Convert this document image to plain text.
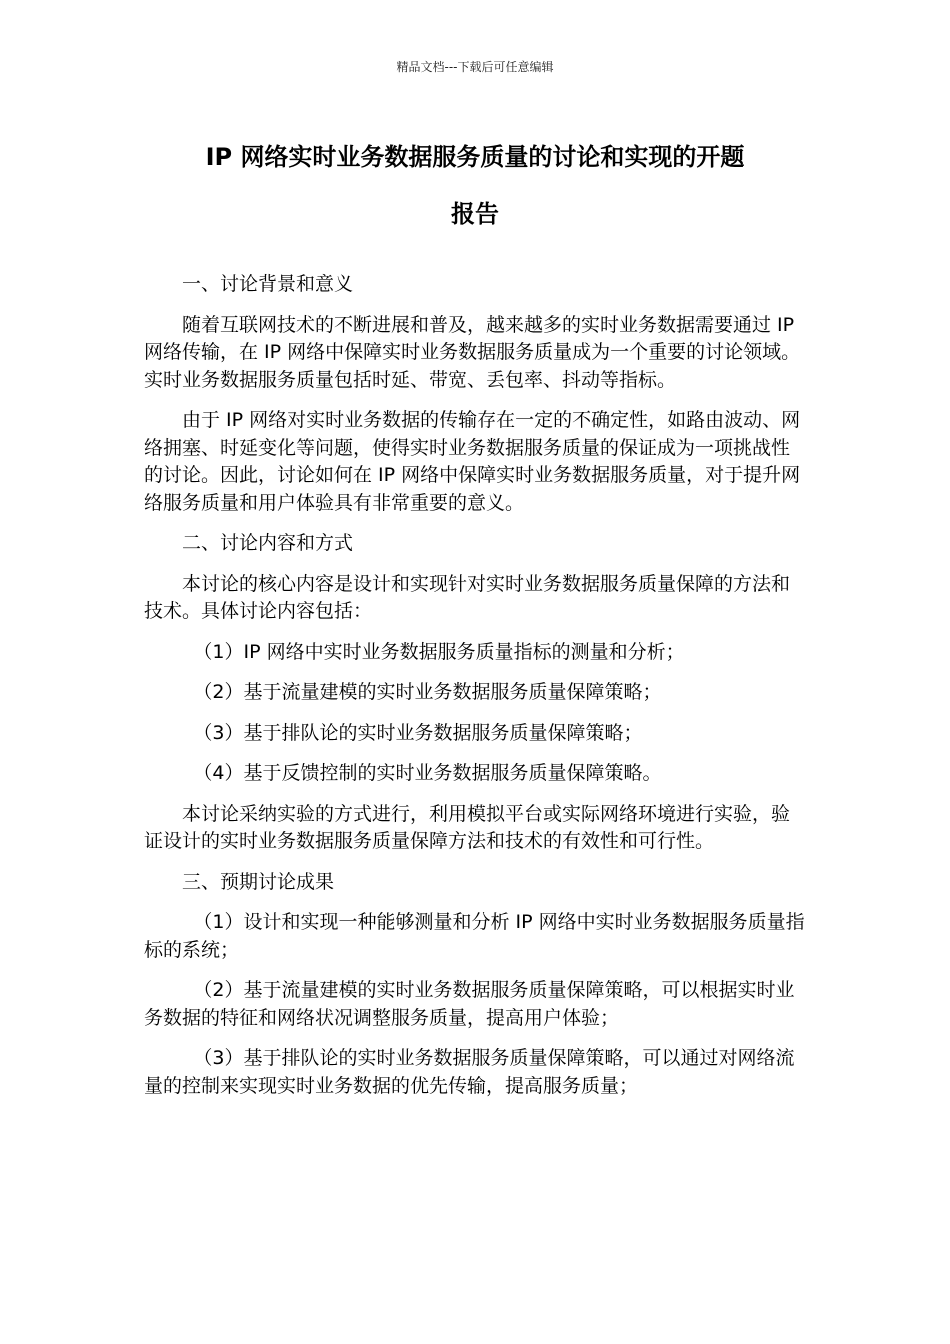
精品文档---下载后可任意编辑
IP 网络实时业务数据服务质量的讨论和实现的开题
报告

一、讨论背景和意义

随着互联网技术的不断进展和普及，越来越多的实时业务数据需要通过 IP 网络传输，在 IP 网络中保障实时业务数据服务质量成为一个重要的讨论领域。实时业务数据服务质量包括时延、带宽、丢包率、抖动等指标。

由于 IP 网络对实时业务数据的传输存在一定的不确定性，如路由波动、网络拥塞、时延变化等问题，使得实时业务数据服务质量的保证成为一项挑战性的讨论。因此，讨论如何在 IP 网络中保障实时业务数据服务质量，对于提升网络服务质量和用户体验具有非常重要的意义。

二、讨论内容和方式

本讨论的核心内容是设计和实现针对实时业务数据服务质量保障的方法和技术。具体讨论内容包括：

（1）IP 网络中实时业务数据服务质量指标的测量和分析；

（2）基于流量建模的实时业务数据服务质量保障策略；

（3）基于排队论的实时业务数据服务质量保障策略；

（4）基于反馈控制的实时业务数据服务质量保障策略。

本讨论采纳实验的方式进行，利用模拟平台或实际网络环境进行实验，验证设计的实时业务数据服务质量保障方法和技术的有效性和可行性。

三、预期讨论成果

（1）设计和实现一种能够测量和分析 IP 网络中实时业务数据服务质量指标的系统；

（2）基于流量建模的实时业务数据服务质量保障策略，可以根据实时业务数据的特征和网络状况调整服务质量，提高用户体验；

（3）基于排队论的实时业务数据服务质量保障策略，可以通过对网络流量的控制来实现实时业务数据的优先传输，提高服务质量；
